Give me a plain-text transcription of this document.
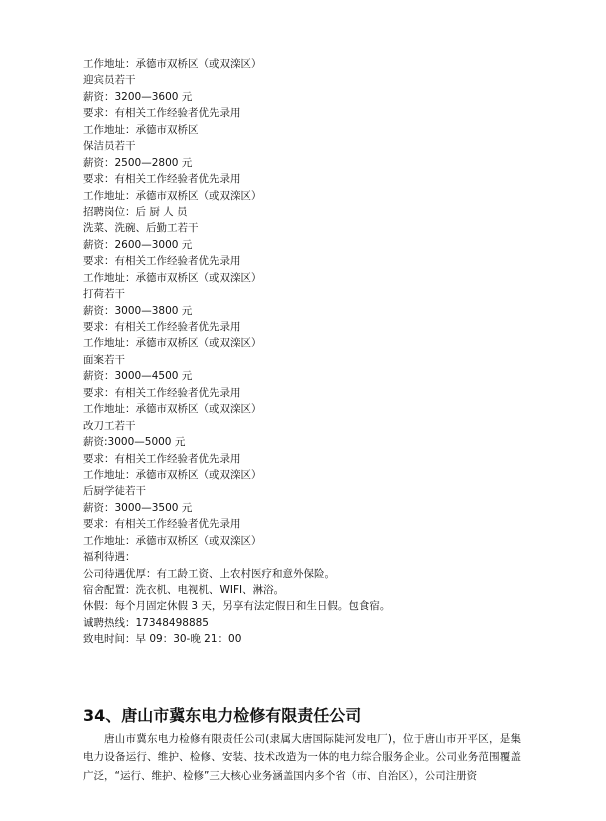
工作地址：承德市双桥区（或双滦区）
迎宾员若干
薪资：3200—3600 元
要求：有相关工作经验者优先录用
工作地址：承德市双桥区
保洁员若干
薪资：2500—2800 元
要求：有相关工作经验者优先录用
工作地址：承德市双桥区（或双滦区）
招聘岗位：后 厨 人 员
洗菜、洗碗、后勤工若干
薪资：2600—3000 元
要求：有相关工作经验者优先录用
工作地址：承德市双桥区（或双滦区）
打荷若干
薪资：3000—3800 元
要求：有相关工作经验者优先录用
工作地址：承德市双桥区（或双滦区）
面案若干
薪资：3000—4500 元
要求：有相关工作经验者优先录用
工作地址：承德市双桥区（或双滦区）
改刀工若干
薪资:3000—5000 元
要求：有相关工作经验者优先录用
工作地址：承德市双桥区（或双滦区）
后厨学徒若干
薪资：3000—3500 元
要求：有相关工作经验者优先录用
工作地址：承德市双桥区（或双滦区）
福利待遇：
公司待遇优厚：有工龄工资、上农村医疗和意外保险。
宿舍配置：洗衣机、电视机、WIFI、淋浴。
休假：每个月固定休假 3 天，另享有法定假日和生日假。包食宿。
诚聘热线：17348498885
致电时间：早 09：30-晚 21：00
34、唐山市冀东电力检修有限责任公司

唐山市冀东电力检修有限责任公司(隶属大唐国际陡河发电厂)，位于唐山市开平区，是集电力设备运行、维护、检修、安装、技术改造为一体的电力综合服务企业。公司业务范围覆盖广泛，“运行、维护、检修”三大核心业务涵盖国内多个省（市、自治区），公司注册资
